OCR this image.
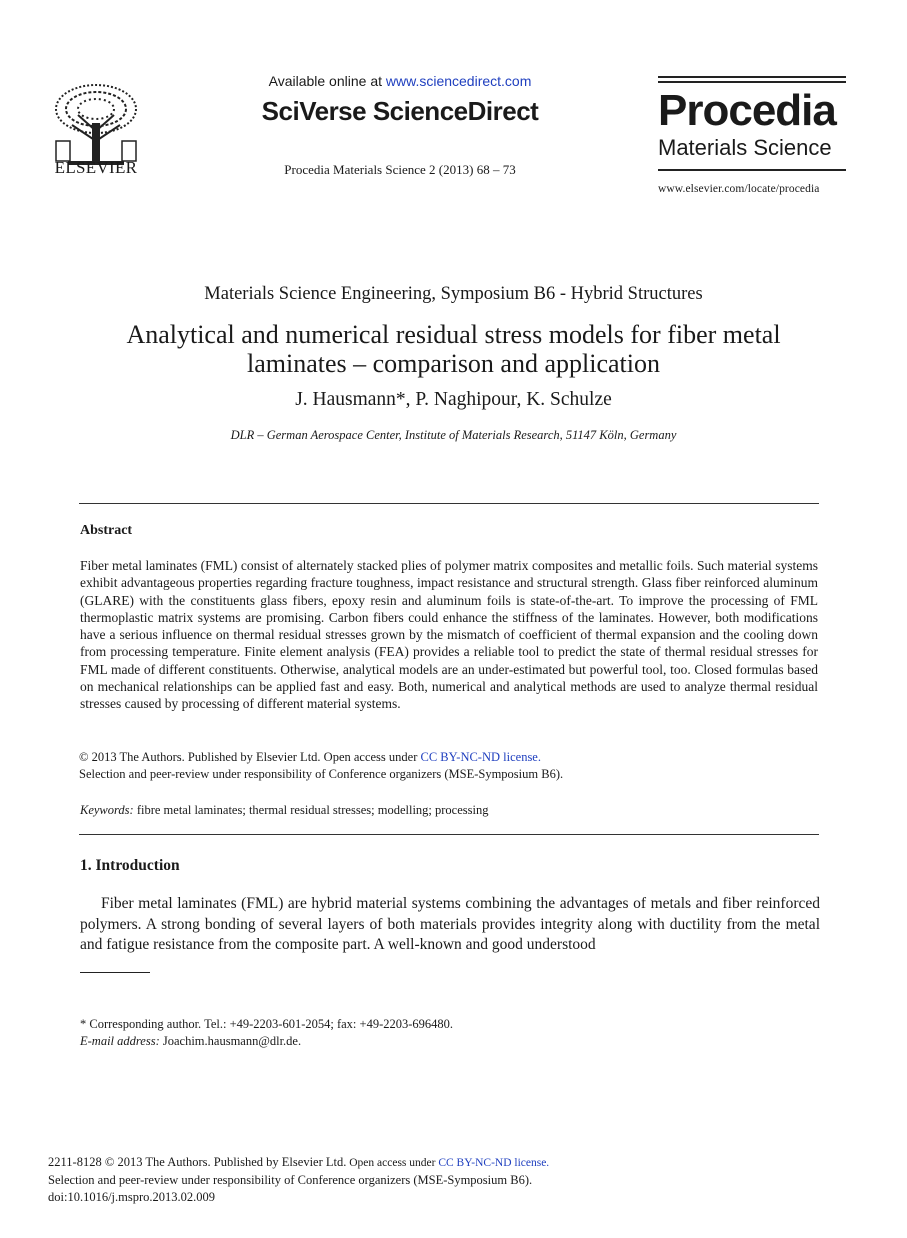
ELSEVIER
Available online at www.sciencedirect.com
SciVerse ScienceDirect
Procedia Materials Science 2 (2013) 68 – 73
Procedia
Materials Science
www.elsevier.com/locate/procedia
Materials Science Engineering, Symposium B6 - Hybrid Structures
Analytical and numerical residual stress models for fiber metal
laminates – comparison and application
J. Hausmann*, P. Naghipour, K. Schulze
DLR – German Aerospace Center, Institute of Materials Research, 51147 Köln, Germany
Abstract
Fiber metal laminates (FML) consist of alternately stacked plies of polymer matrix composites and metallic foils. Such material systems exhibit advantageous properties regarding fracture toughness, impact resistance and structural strength. Glass fiber reinforced aluminum (GLARE) with the constituents glass fibers, epoxy resin and aluminum foils is state-of-the-art. To improve the processing of FML thermoplastic matrix systems are promising. Carbon fibers could enhance the stiffness of the laminates. However, both modifications have a serious influence on thermal residual stresses grown by the mismatch of coefficient of thermal expansion and the cooling down from processing temperature. Finite element analysis (FEA) provides a reliable tool to predict the state of thermal residual stresses for FML made of different constituents. Otherwise, analytical models are an under-estimated but powerful tool, too. Closed formulas based on mechanical relationships can be applied fast and easy. Both, numerical and analytical methods are used to analyze thermal residual stresses caused by processing of different material systems.
© 2013 The Authors. Published by Elsevier Ltd. Open access under CC BY-NC-ND license.
Selection and peer-review under responsibility of Conference organizers (MSE-Symposium B6).
Keywords: fibre metal laminates; thermal residual stresses; modelling; processing
1. Introduction
Fiber metal laminates (FML) are hybrid material systems combining the advantages of metals and fiber reinforced polymers. A strong bonding of several layers of both materials provides integrity along with ductility from the metal and fatigue resistance from the composite part. A well-known and good understood
* Corresponding author. Tel.: +49-2203-601-2054; fax: +49-2203-696480.
E-mail address: Joachim.hausmann@dlr.de.
2211-8128 © 2013 The Authors. Published by Elsevier Ltd. Open access under CC BY-NC-ND license.
Selection and peer-review under responsibility of Conference organizers (MSE-Symposium B6).
doi:10.1016/j.mspro.2013.02.009
